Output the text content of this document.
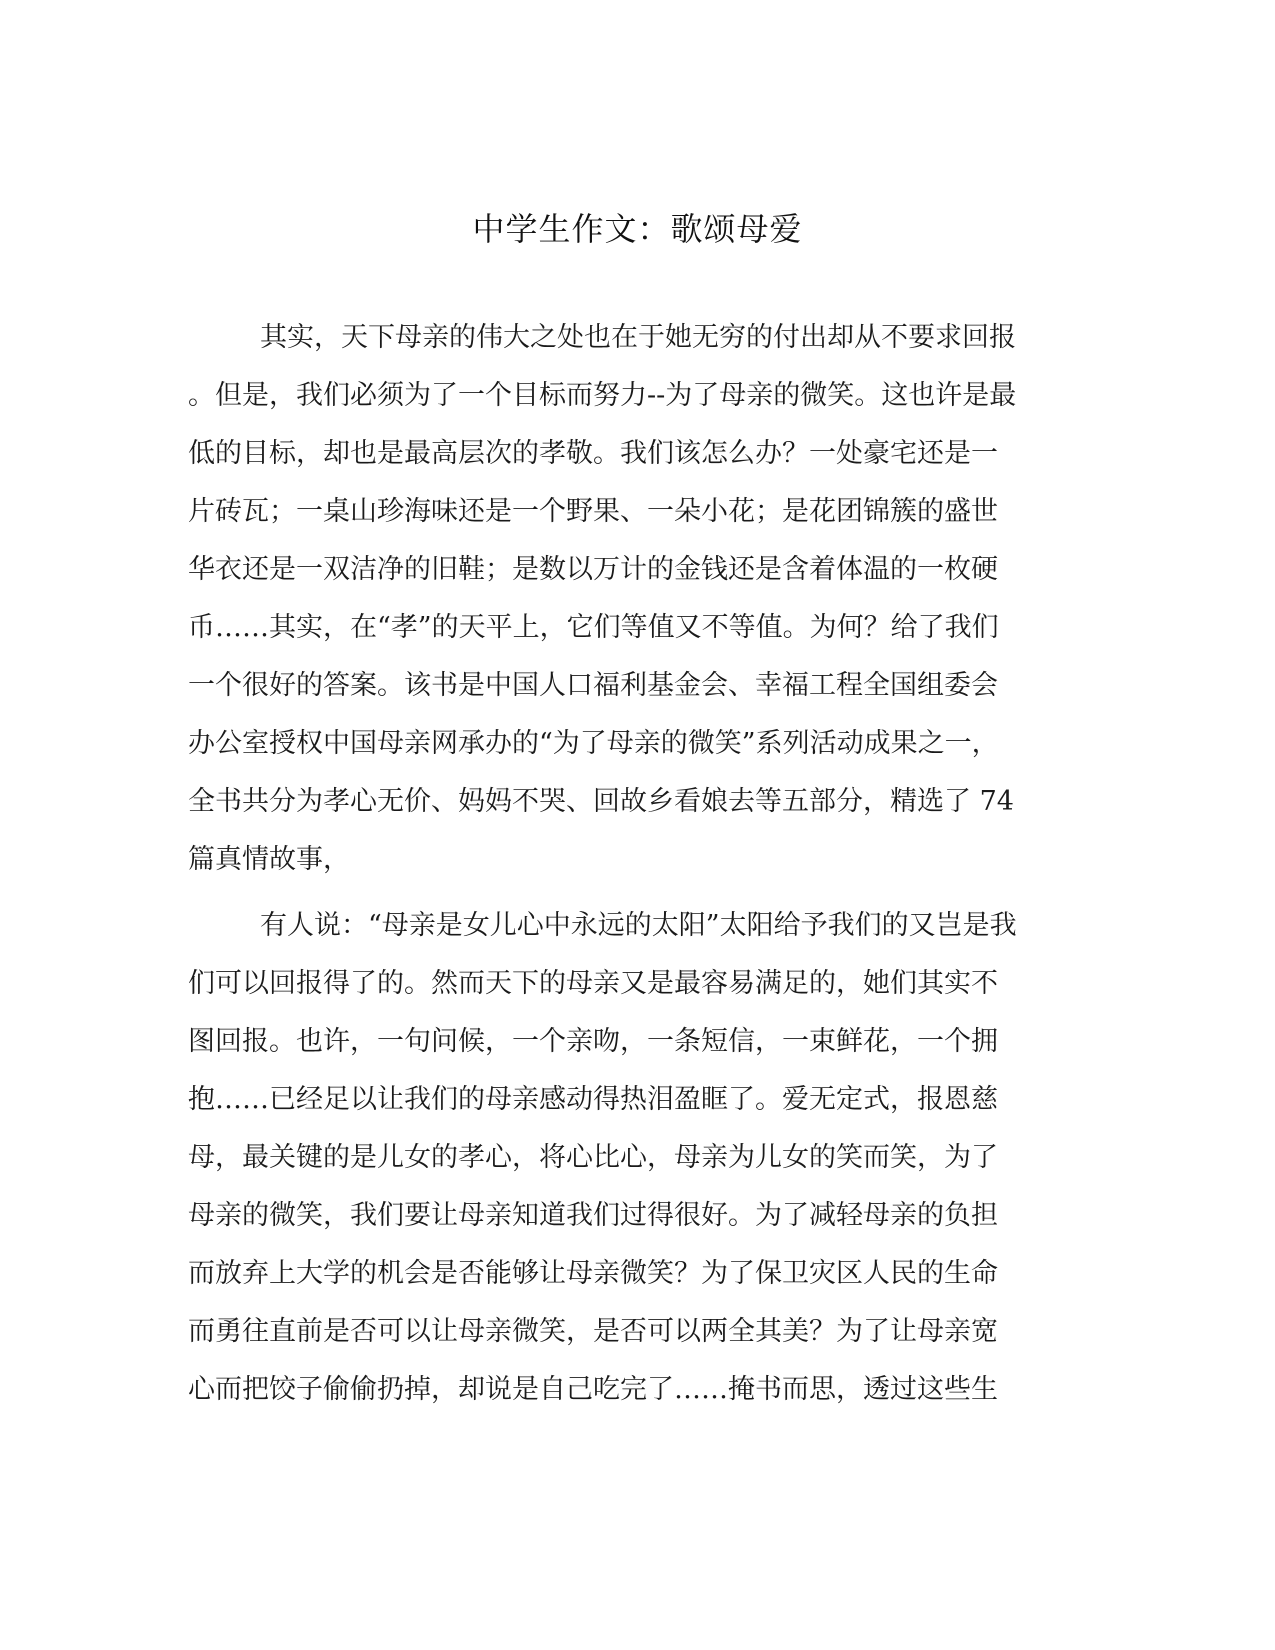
中学生作文：歌颂母爱
其实，天下母亲的伟大之处也在于她无穷的付出却从不要求回报
。但是，我们必须为了一个目标而努力--为了母亲的微笑。这也许是最
低的目标，却也是最高层次的孝敬。我们该怎么办？一处豪宅还是一
片砖瓦；一桌山珍海味还是一个野果、一朵小花；是花团锦簇的盛世
华衣还是一双洁净的旧鞋；是数以万计的金钱还是含着体温的一枚硬
币……其实，在“孝”的天平上，它们等值又不等值。为何？给了我们
一个很好的答案。该书是中国人口福利基金会、幸福工程全国组委会
办公室授权中国母亲网承办的“为了母亲的微笑”系列活动成果之一，
全书共分为孝心无价、妈妈不哭、回故乡看娘去等五部分，精选了 74
篇真情故事，
有人说：“母亲是女儿心中永远的太阳”太阳给予我们的又岂是我
们可以回报得了的。然而天下的母亲又是最容易满足的，她们其实不
图回报。也许，一句问候，一个亲吻，一条短信，一束鲜花，一个拥
抱……已经足以让我们的母亲感动得热泪盈眶了。爱无定式，报恩慈
母，最关键的是儿女的孝心，将心比心，母亲为儿女的笑而笑，为了
母亲的微笑，我们要让母亲知道我们过得很好。为了减轻母亲的负担
而放弃上大学的机会是否能够让母亲微笑？为了保卫灾区人民的生命
而勇往直前是否可以让母亲微笑，是否可以两全其美？为了让母亲宽
心而把饺子偷偷扔掉，却说是自己吃完了……掩书而思，透过这些生
